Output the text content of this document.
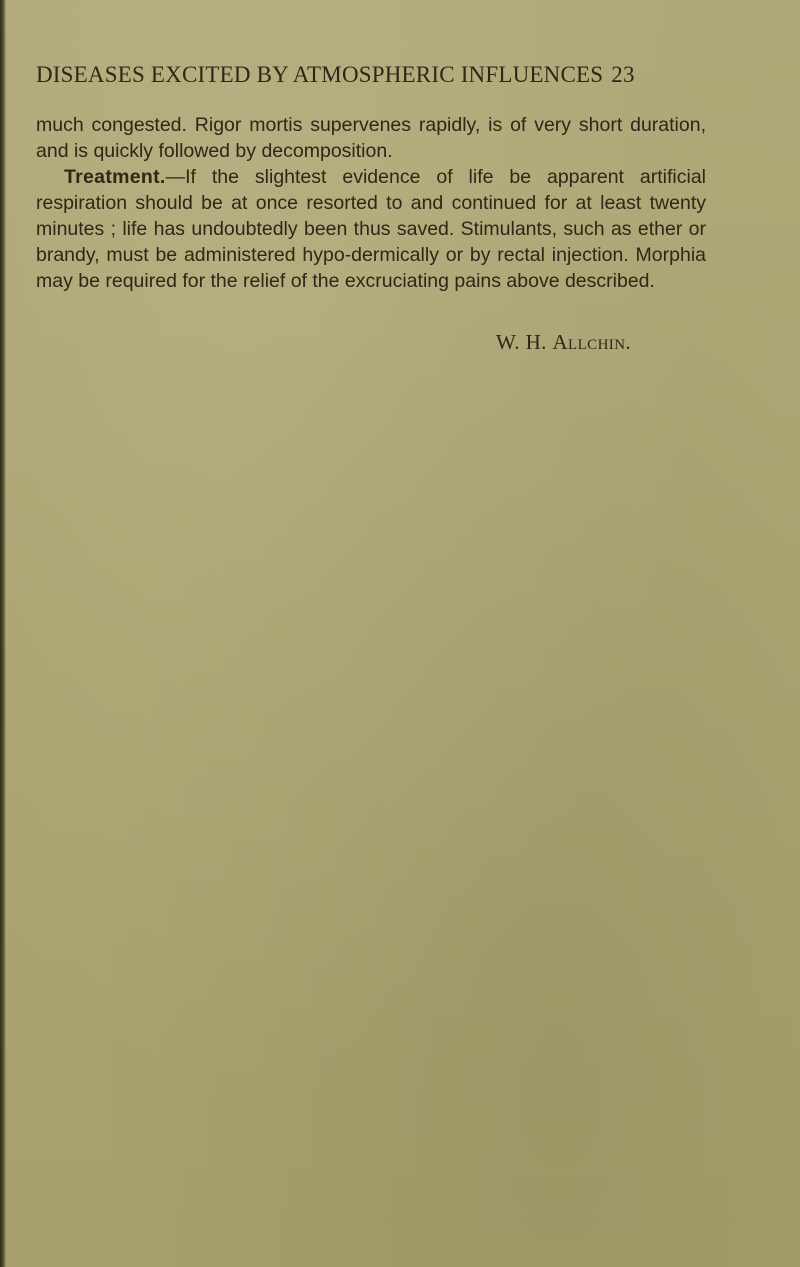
DISEASES EXCITED BY ATMOSPHERIC INFLUENCES 23

much congested. Rigor mortis supervenes rapidly, is of very short duration, and is quickly followed by decomposition.

Treatment.—If the slightest evidence of life be apparent artificial respiration should be at once resorted to and continued for at least twenty minutes ; life has undoubtedly been thus saved. Stimulants, such as ether or brandy, must be administered hypo-dermically or by rectal injection. Morphia may be required for the relief of the excruciating pains above described.

W. H. Allchin.
